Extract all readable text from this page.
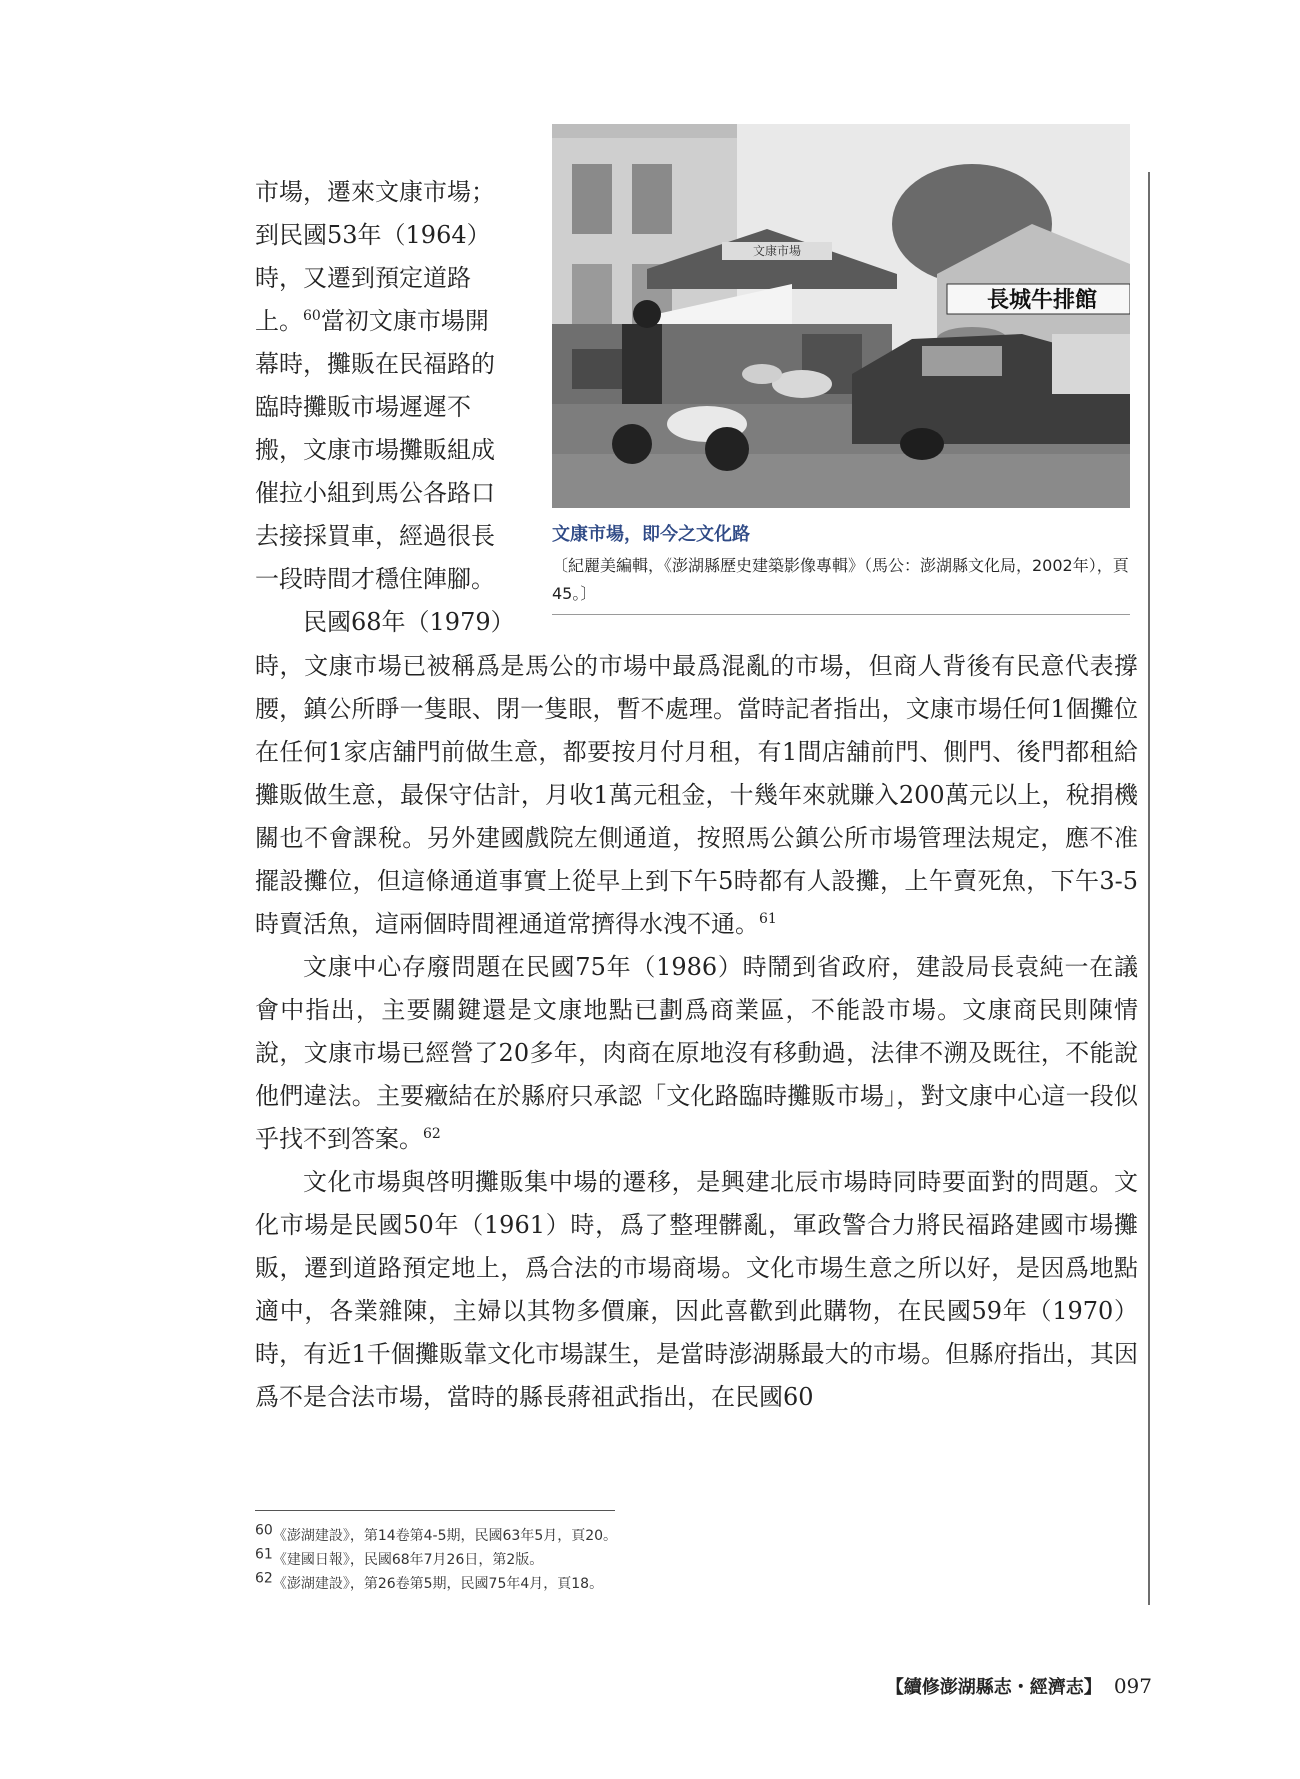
文康市場
長城牛排館
文康市場，即今之文化路
〔紀麗美編輯，《澎湖縣歷史建築影像專輯》（馬公：澎湖縣文化局，2002年），頁45。〕

市場，遷來文康市場；

到民國53年（1964）

時，又遷到預定道路

上。$^{60}$當初文康市場開

幕時，攤販在民福路的

臨時攤販市場遲遲不

搬，文康市場攤販組成

催拉小組到馬公各路口

去接採買車，經過很長

一段時間才穩住陣腳。

民國68年（1979）

時，文康市場已被稱爲是馬公的市場中最爲混亂的市場，但商人背後有民意代表撐腰，鎮公所睜一隻眼、閉一隻眼，暫不處理。當時記者指出，文康市場任何1個攤位在任何1家店舖門前做生意，都要按月付月租，有1間店舖前門、側門、後門都租給攤販做生意，最保守估計，月收1萬元租金，十幾年來就賺入200萬元以上，稅捐機關也不會課稅。另外建國戲院左側通道，按照馬公鎮公所市場管理法規定，應不准擺設攤位，但這條通道事實上從早上到下午5時都有人設攤，上午賣死魚，下午3-5時賣活魚，這兩個時間裡通道常擠得水洩不通。$^{61}$

文康中心存廢問題在民國75年（1986）時鬧到省政府，建設局長袁純一在議會中指出，主要關鍵還是文康地點已劃爲商業區，不能設市場。文康商民則陳情說，文康市場已經營了20多年，肉商在原地沒有移動過，法律不溯及既往，不能說他們違法。主要癥結在於縣府只承認「文化路臨時攤販市場」，對文康中心這一段似乎找不到答案。$^{62}$

文化市場與啓明攤販集中場的遷移，是興建北辰市場時同時要面對的問題。文化市場是民國50年（1961）時，爲了整理髒亂，軍政警合力將民福路建國市場攤販，遷到道路預定地上，爲合法的市場商場。文化市場生意之所以好，是因爲地點適中，各業雜陳，主婦以其物多價廉，因此喜歡到此購物，在民國59年（1970）時，有近1千個攤販靠文化市場謀生，是當時澎湖縣最大的市場。但縣府指出，其因爲不是合法市場，當時的縣長蔣祖武指出，在民國60

$^{60}$《澎湖建設》，第14卷第4-5期，民國63年5月，頁20。
$^{61}$《建國日報》，民國68年7月26日，第2版。
$^{62}$《澎湖建設》，第26卷第5期，民國75年4月，頁18。
【續修澎湖縣志・經濟志】 097
